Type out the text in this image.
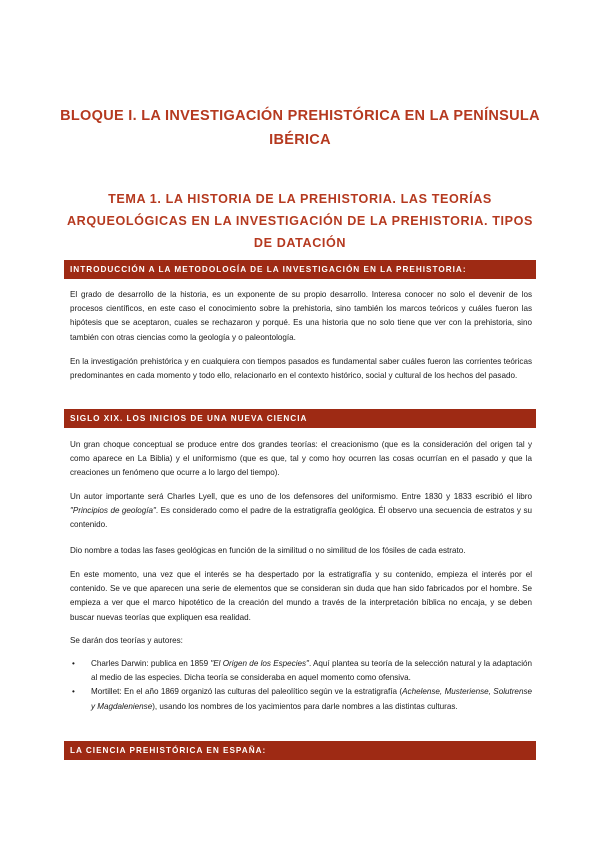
BLOQUE I. LA INVESTIGACIÓN PREHISTÓRICA EN LA PENÍNSULA IBÉRICA
TEMA 1. LA HISTORIA DE LA PREHISTORIA. LAS TEORÍAS ARQUEOLÓGICAS EN LA INVESTIGACIÓN DE LA PREHISTORIA. TIPOS DE DATACIÓN
INTRODUCCIÓN A LA METODOLOGÍA DE LA INVESTIGACIÓN EN LA PREHISTORIA:

El grado de desarrollo de la historia, es un exponente de su propio desarrollo. Interesa conocer no solo el devenir de los procesos científicos, en este caso el conocimiento sobre la prehistoria, sino también los marcos teóricos y cuáles fueron las hipótesis que se aceptaron, cuales se rechazaron y porqué. Es una historia que no solo tiene que ver con la prehistoria, sino también con otras ciencias como la geología y o paleontología.

En la investigación prehistórica y en cualquiera con tiempos pasados es fundamental saber cuáles fueron las corrientes teóricas predominantes en cada momento y todo ello, relacionarlo en el contexto histórico, social y cultural de los hechos del pasado.

SIGLO XIX. LOS INICIOS DE UNA NUEVA CIENCIA

Un gran choque conceptual se produce entre dos grandes teorías: el creacionismo (que es la consideración del origen tal y como aparece en La Biblia) y el uniformismo (que es que, tal y como hoy ocurren las cosas ocurrían en el pasado y que la creaciones un fenómeno que ocurre a lo largo del tiempo).

Un autor importante será Charles Lyell, que es uno de los defensores del uniformismo. Entre 1830 y 1833 escribió el libro "Principios de geología". Es considerado como el padre de la estratigrafía geológica. Él observo una secuencia de estratos y su contenido.

Dio nombre a todas las fases geológicas en función de la similitud o no similitud de los fósiles de cada estrato.

En este momento, una vez que el interés se ha despertado por la estratigrafía y su contenido, empieza el interés por el contenido. Se ve que aparecen una serie de elementos que se consideran sin duda que han sido fabricados por el hombre. Se empieza a ver que el marco hipotético de la creación del mundo a través de la interpretación bíblica no encaja, y se deben buscar nuevas teorías que expliquen esa realidad.

Se darán dos teorías y autores:

• Charles Darwin: publica en 1859 "El Origen de los Especies". Aquí plantea su teoría de la selección natural y la adaptación al medio de las especies. Dicha teoría se consideraba en aquel momento como ofensiva.
• Mortillet: En el año 1869 organizó las culturas del paleolítico según ve la estratigrafía (Achelense, Musteriense, Solutrense y Magdaleniense), usando los nombres de los yacimientos para darle nombres a las distintas culturas.
LA CIENCIA PREHISTÓRICA EN ESPAÑA:
